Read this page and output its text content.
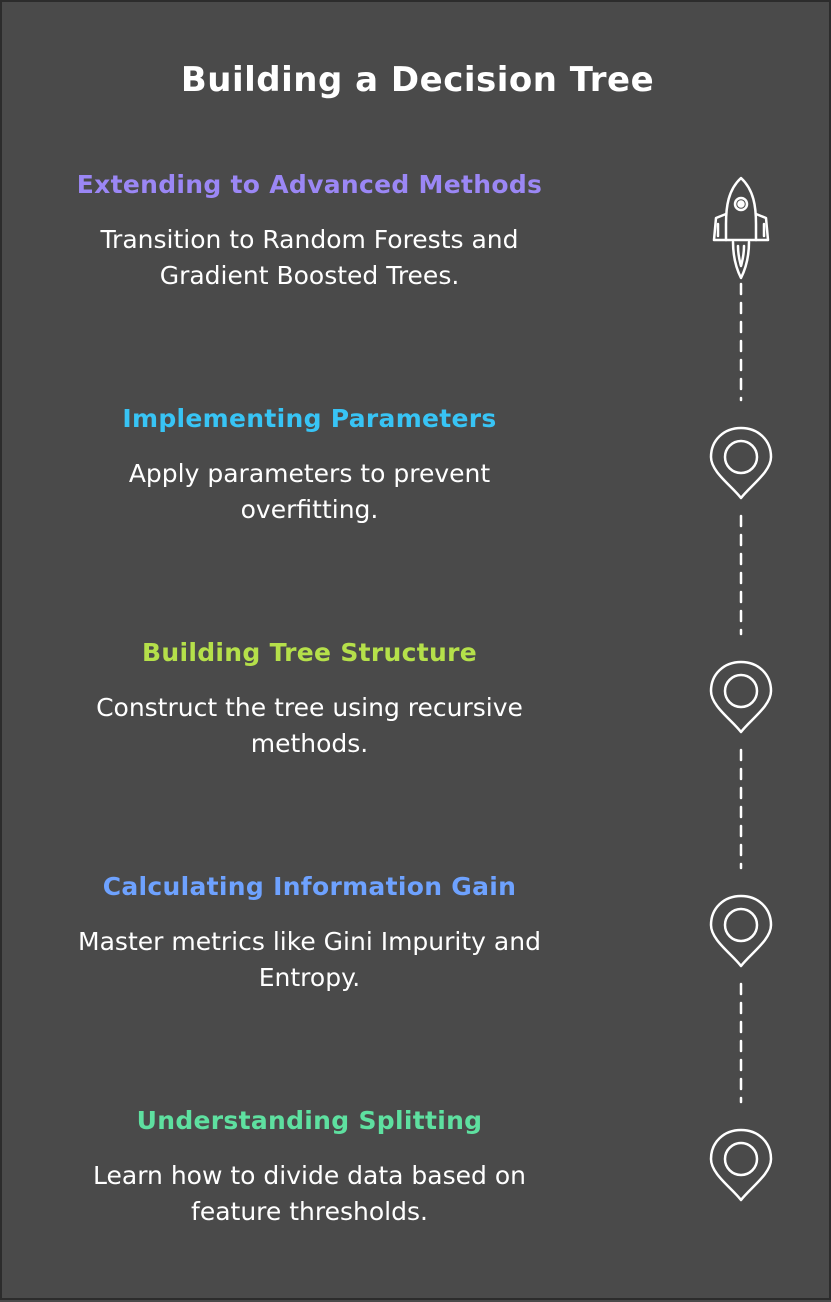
Building a Decision Tree
Extending to Advanced Methods
Transition to Random Forests and Gradient Boosted Trees.
Implementing Parameters
Apply parameters to prevent overfitting.
Building Tree Structure
Construct the tree using recursive methods.
Calculating Information Gain
Master metrics like Gini Impurity and Entropy.
Understanding Splitting
Learn how to divide data based on feature thresholds.
